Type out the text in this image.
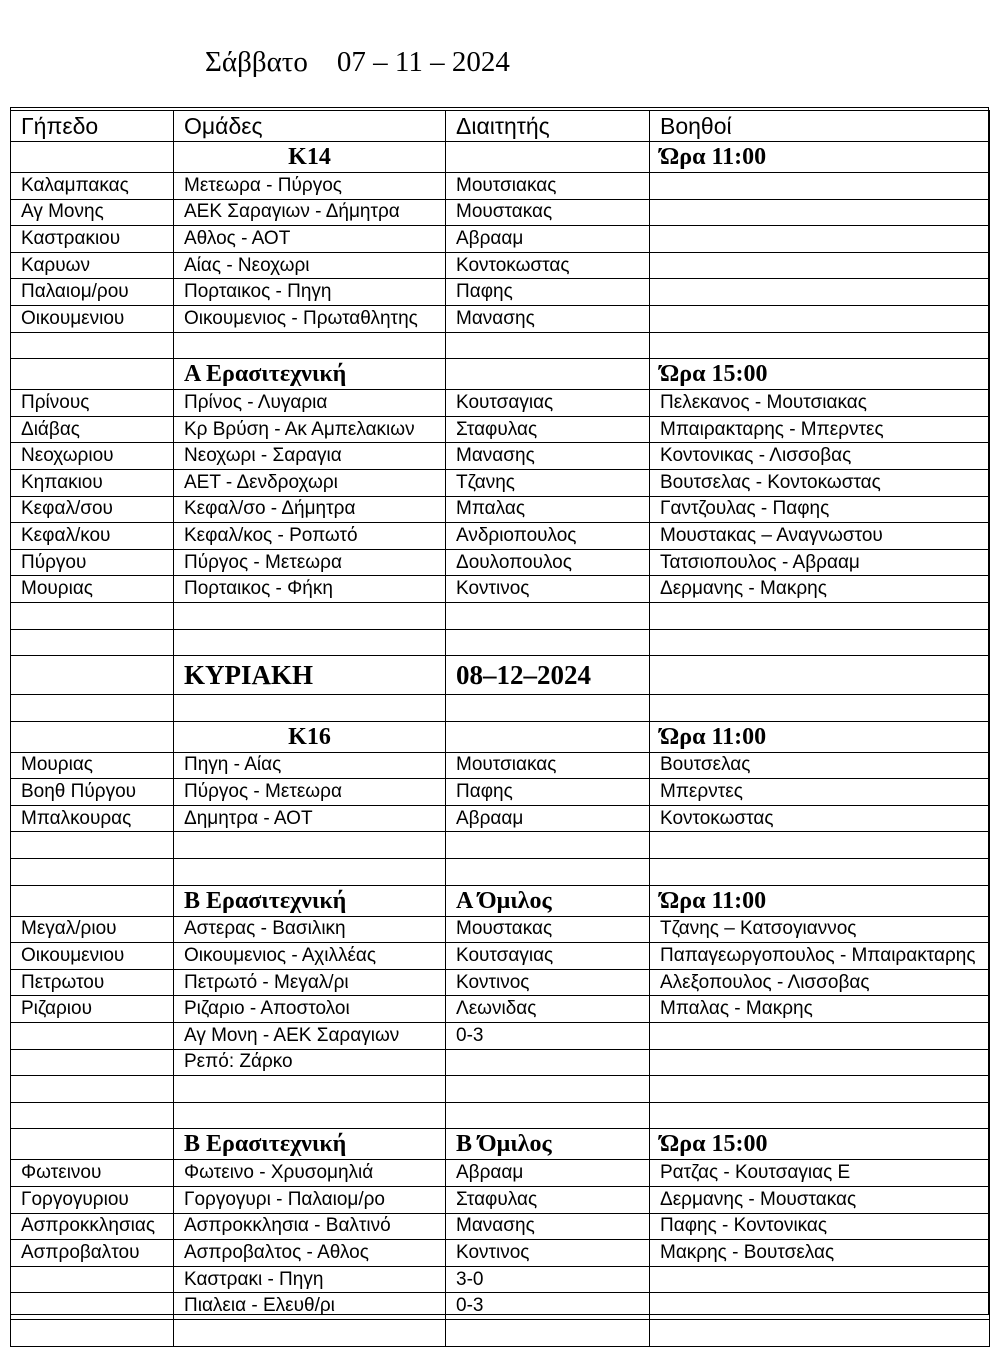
Σάββατο    07 – 11 – 2024
Γήπεδο	Ομάδες	Διαιτητής	Βοηθοί
	Κ14		Ώρα 11:00
Καλαμπακας	Μετεωρα - Πύργος	Μουτσιακας	
Αγ Μονης	ΑΕΚ Σαραγιων - Δήμητρα	Μουστακας	
Καστρακιου	Αθλος - ΑΟΤ	Αβρααμ	
Καρυων	Αίας - Νεοχωρι	Κοντοκωστας	
Παλαιομ/ρου	Πορταικος - Πηγη	Παφης	
Οικουμενιου	Οικουμενιος - Πρωταθλητης	Μανασης	

	Α Ερασιτεχνική		Ώρα 15:00
Πρίνους	Πρίνος - Λυγαρια	Κουτσαγιας	Πελεκανος - Μουτσιακας
Διάβας	Κρ Βρύση - Ακ Αμπελακιων	Σταφυλας	Μπαιρακταρης - Μπερντες
Νεοχωριου	Νεοχωρι - Σαραγια	Μανασης	Κοντονικας - Λισσοβας
Κηπακιου	ΑΕΤ - Δενδροχωρι	Τζανης	Βουτσελας - Κοντοκωστας
Κεφαλ/σου	Κεφαλ/σο - Δήμητρα	Μπαλας	Γαντζουλας - Παφης
Κεφαλ/κου	Κεφαλ/κος - Ροπωτό	Ανδριοπουλος	Μουστακας – Αναγνωστου
Πύργου	Πύργος - Μετεωρα	Δουλοπουλος	Τατσιοπουλος - Αβρααμ
Μουριας	Πορταικος - Φήκη	Κοντινος	Δερμανης - Μακρης

	ΚΥΡΙΑΚΗ	08–12–2024	

	Κ16		Ώρα 11:00
Μουριας	Πηγη - Αίας	Μουτσιακας	Βουτσελας
Βοηθ Πύργου	Πύργος - Μετεωρα	Παφης	Μπερντες
Μπαλκουρας	Δημητρα - ΑΟΤ	Αβρααμ	Κοντοκωστας

	Β Ερασιτεχνική	Α Όμιλος	Ώρα 11:00
Μεγαλ/ριου	Αστερας - Βασιλικη	Μουστακας	Τζανης – Κατσογιαννος
Οικουμενιου	Οικουμενιος - Αχιλλέας	Κουτσαγιας	Παπαγεωργοπουλος - Μπαιρακταρης
Πετρωτου	Πετρωτό - Μεγαλ/ρι	Κοντινος	Αλεξοπουλος - Λισσοβας
Ριζαριου	Ριζαριο - Αποστολοι	Λεωνιδας	Μπαλας - Μακρης
	Αγ Μονη - ΑΕΚ Σαραγιων	0-3	
	Ρεπό: Ζάρκο		

	Β Ερασιτεχνική	Β Όμιλος	Ώρα 15:00
Φωτεινου	Φωτεινο - Χρυσομηλιά	Αβρααμ	Ρατζας - Κουτσαγιας Ε
Γοργογυριου	Γοργογυρι - Παλαιομ/ρο	Σταφυλας	Δερμανης - Μουστακας
Ασπροκκλησιας	Ασπροκκλησια - Βαλτινό	Μανασης	Παφης - Κοντονικας
Ασπροβαλτου	Ασπροβαλτος - Αθλος	Κοντινος	Μακρης - Βουτσελας
	Καστρακι - Πηγη	3-0	
	Πιαλεια - Ελευθ/ρι	0-3	
